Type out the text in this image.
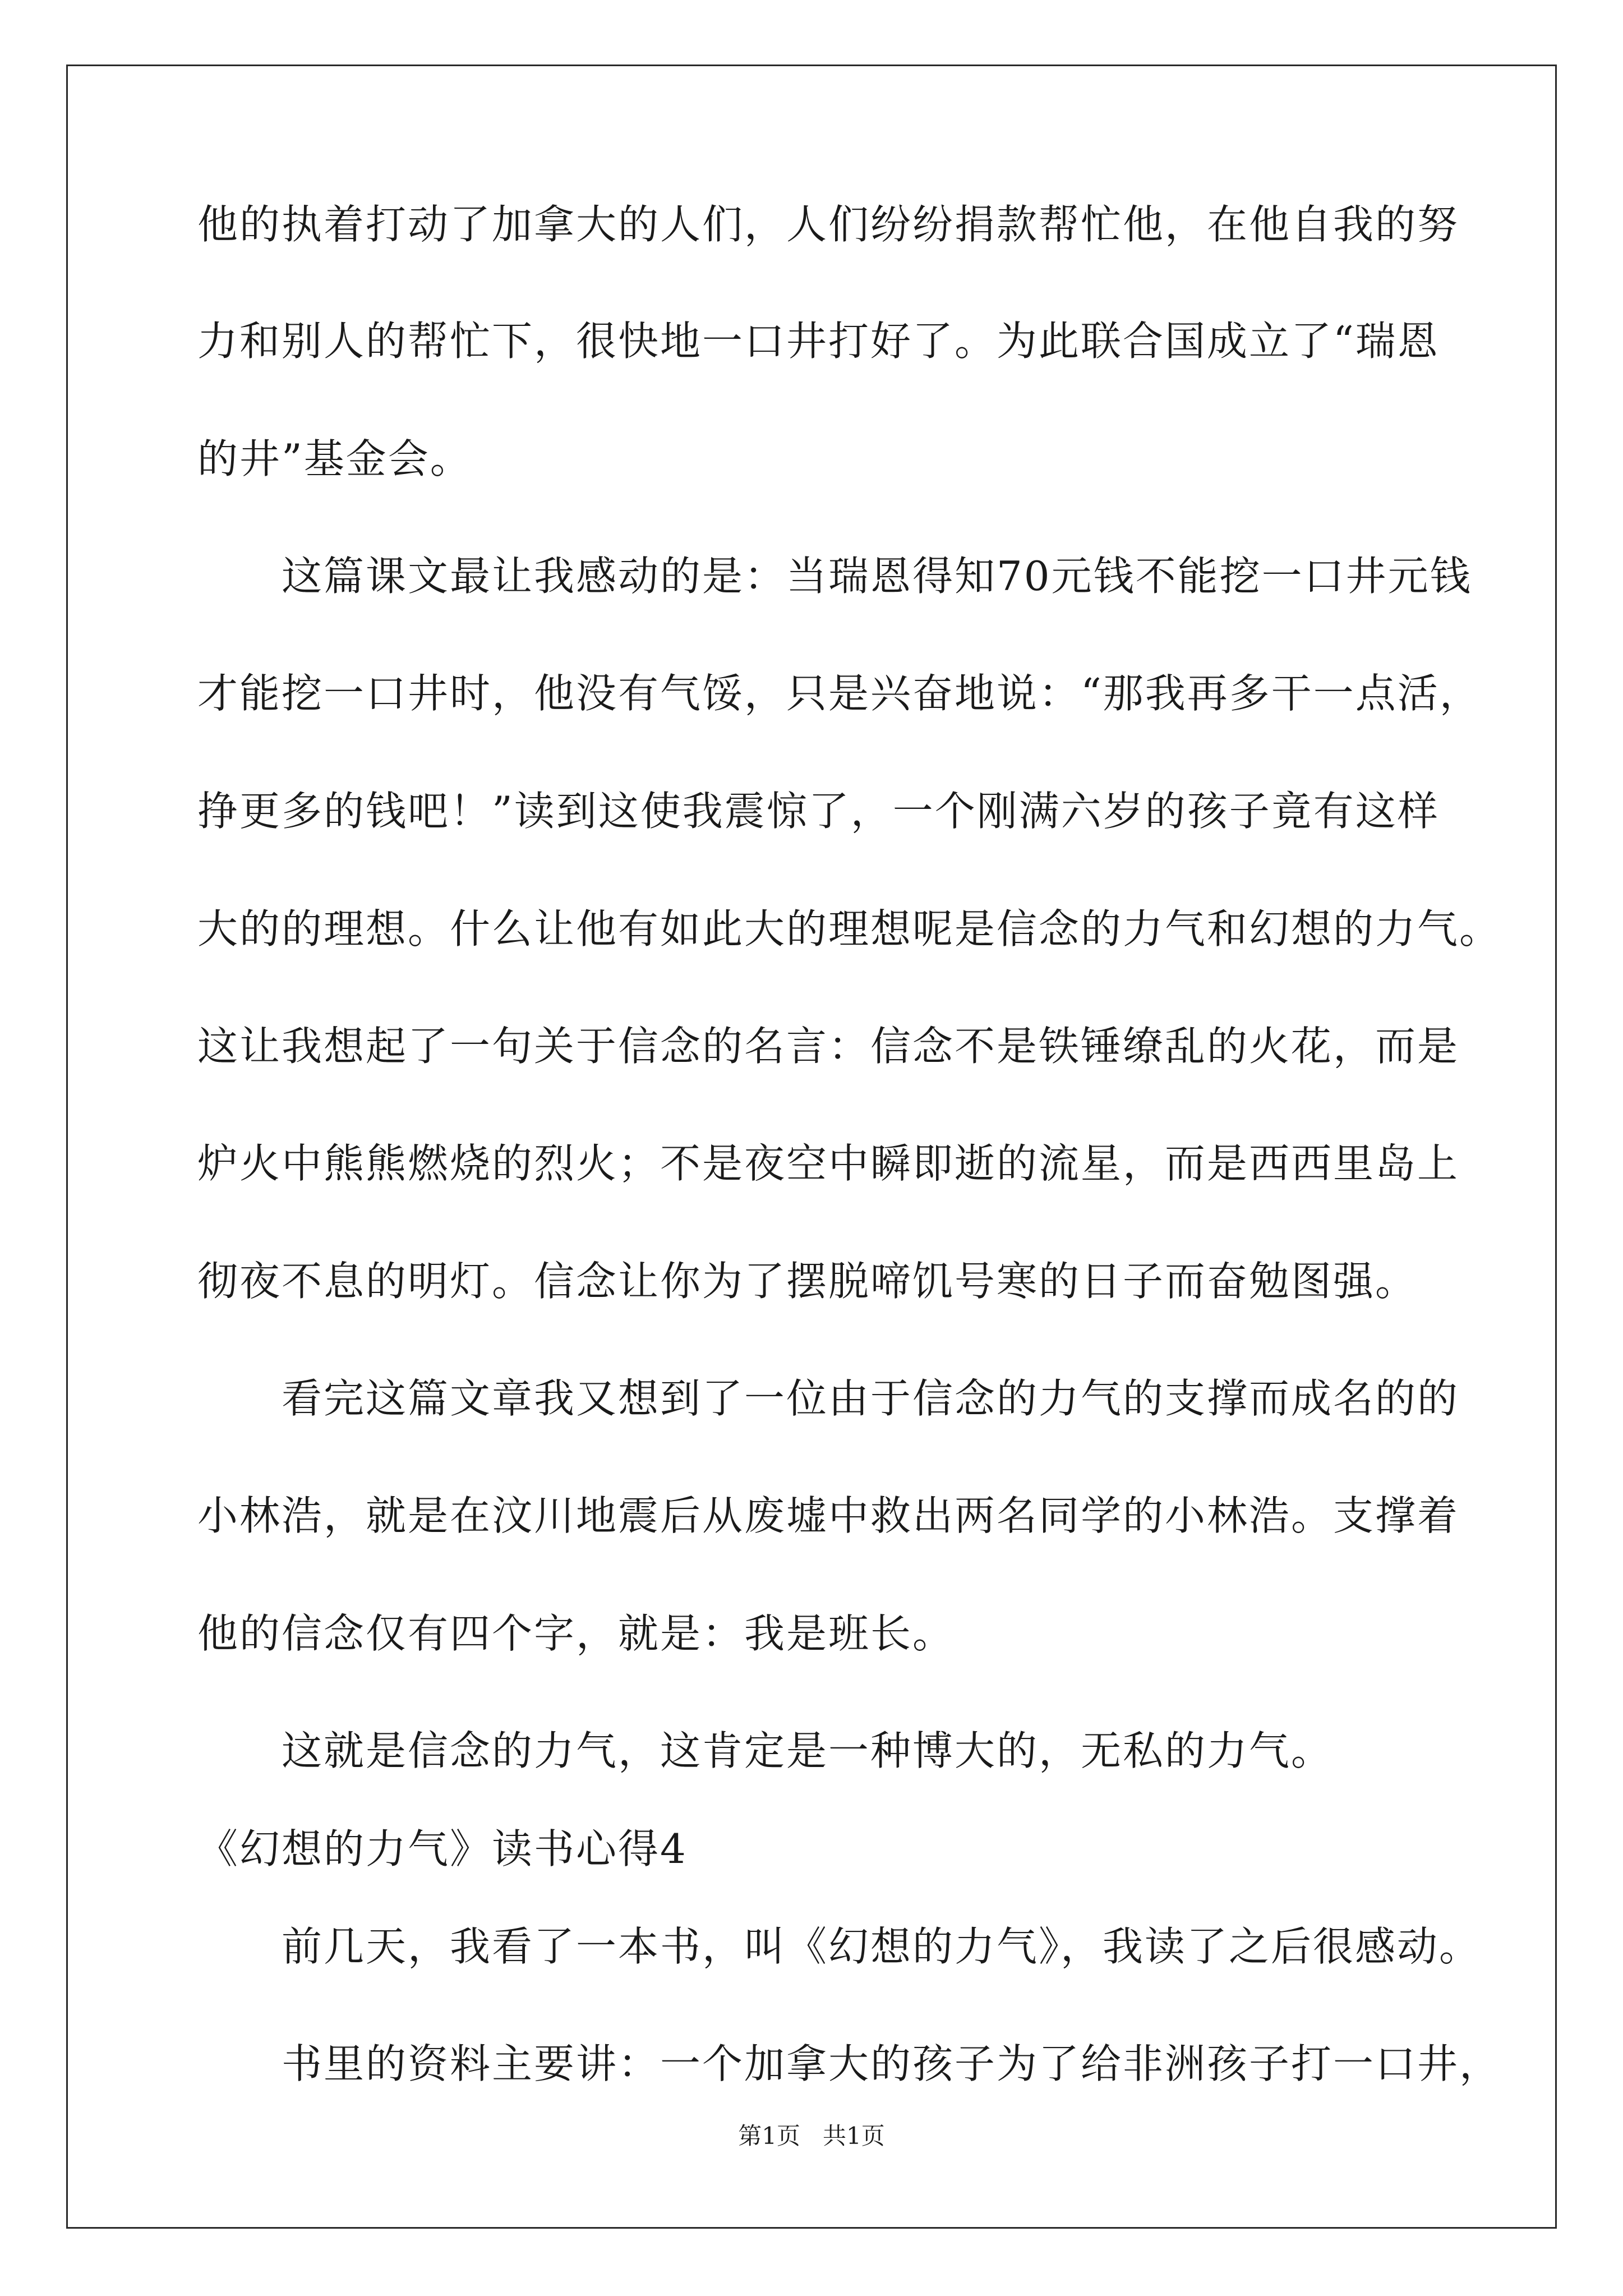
他的执着打动了加拿大的人们，人们纷纷捐款帮忙他，在他自我的努
力和别人的帮忙下，很快地一口井打好了。为此联合国成立了“瑞恩
的井”基金会。
　　这篇课文最让我感动的是：当瑞恩得知70元钱不能挖一口井元钱
才能挖一口井时，他没有气馁，只是兴奋地说：“那我再多干一点活，
挣更多的钱吧！”读到这使我震惊了，一个刚满六岁的孩子竟有这样
大的的理想。什么让他有如此大的理想呢是信念的力气和幻想的力气。
这让我想起了一句关于信念的名言：信念不是铁锤缭乱的火花，而是
炉火中熊熊燃烧的烈火；不是夜空中瞬即逝的流星，而是西西里岛上
彻夜不息的明灯。信念让你为了摆脱啼饥号寒的日子而奋勉图强。
　　看完这篇文章我又想到了一位由于信念的力气的支撑而成名的的
小林浩，就是在汶川地震后从废墟中救出两名同学的小林浩。支撑着
他的信念仅有四个字，就是：我是班长。
　　这就是信念的力气，这肯定是一种博大的，无私的力气。
《幻想的力气》读书心得4
　　前几天，我看了一本书，叫《幻想的力气》，我读了之后很感动。
　　书里的资料主要讲：一个加拿大的孩子为了给非洲孩子打一口井，
第1页   共1页
